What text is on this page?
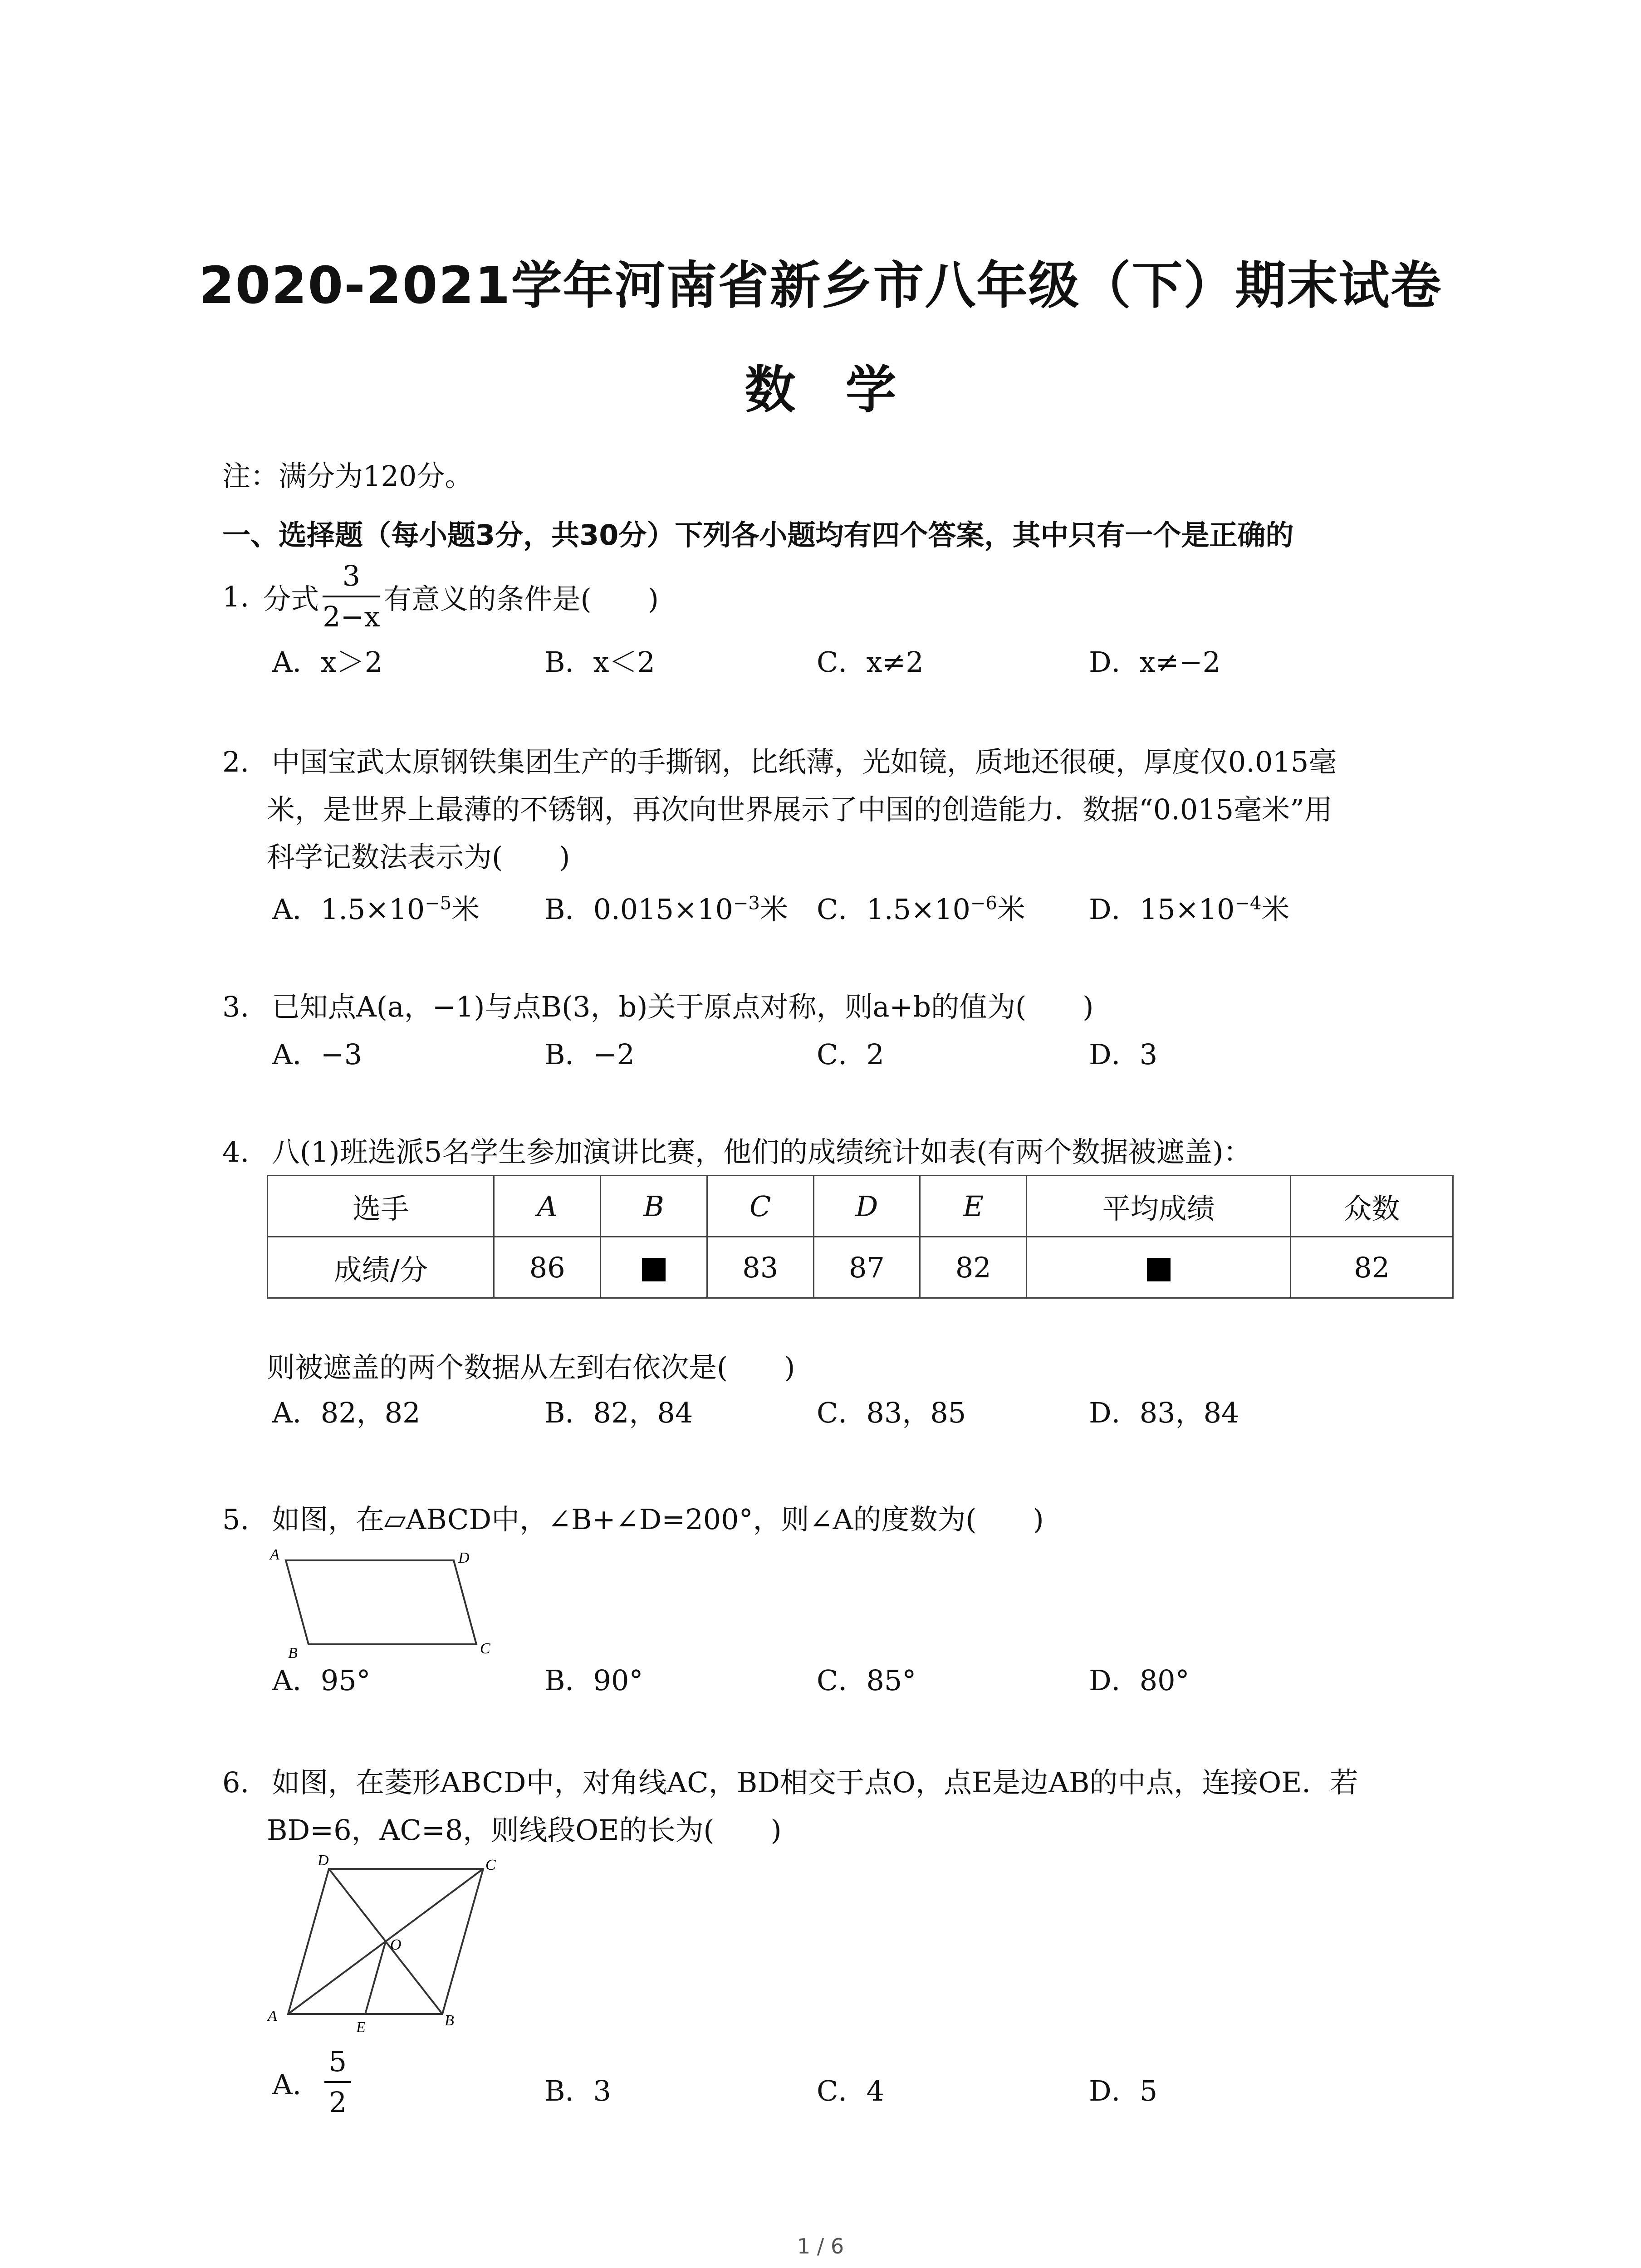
2020-2021学年河南省新乡市八年级（下）期末试卷
数学
注：满分为120分。
一、选择题（每小题3分，共30分）下列各小题均有四个答案，其中只有一个是正确的
1. 分式 $\frac{3}{2-x}$ 有意义的条件是(　　)
A．x＞2	B．x＜2	C．x≠2	D．x≠−2
2. 中国宝武太原钢铁集团生产的手撕钢，比纸薄，光如镜，质地还很硬，厚度仅0.015毫
米，是世界上最薄的不锈钢，再次向世界展示了中国的创造能力．数据“0.015毫米”用
科学记数法表示为(　　)
A．$1.5\times 10^{-5}$米 B．$0.015\times 10^{-3}$米 C．$1.5\times 10^{-6}$米 D．$15\times 10^{-4}$米
3. 已知点A(a，−1)与点B(3，b)关于原点对称，则a+b的值为(　　)
A．−3	B．−2	C．2	D．3
4. 八(1)班选派5名学生参加演讲比赛，他们的成绩统计如表(有两个数据被遮盖)：
选手	A	B	C	D	E	平均成绩	众数
成绩/分	86		83	87	82		82
则被遮盖的两个数据从左到右依次是(　　)
A．82，82	B．82，84	C．83，85	D．83，84
5. 如图，在▱ABCD中，∠B+∠D=200°，则∠A的度数为(　　)
A	D
B	C
A．95°	B．90°	C．85°	D．80°
6. 如图，在菱形ABCD中，对角线AC，BD相交于点O，点E是边AB的中点，连接OE．若
BD=6，AC=8，则线段OE的长为(　　)
D	C
O
A
E	B
A． $\frac{5}{2}$	B．3	C．4	D．5
1 / 6
